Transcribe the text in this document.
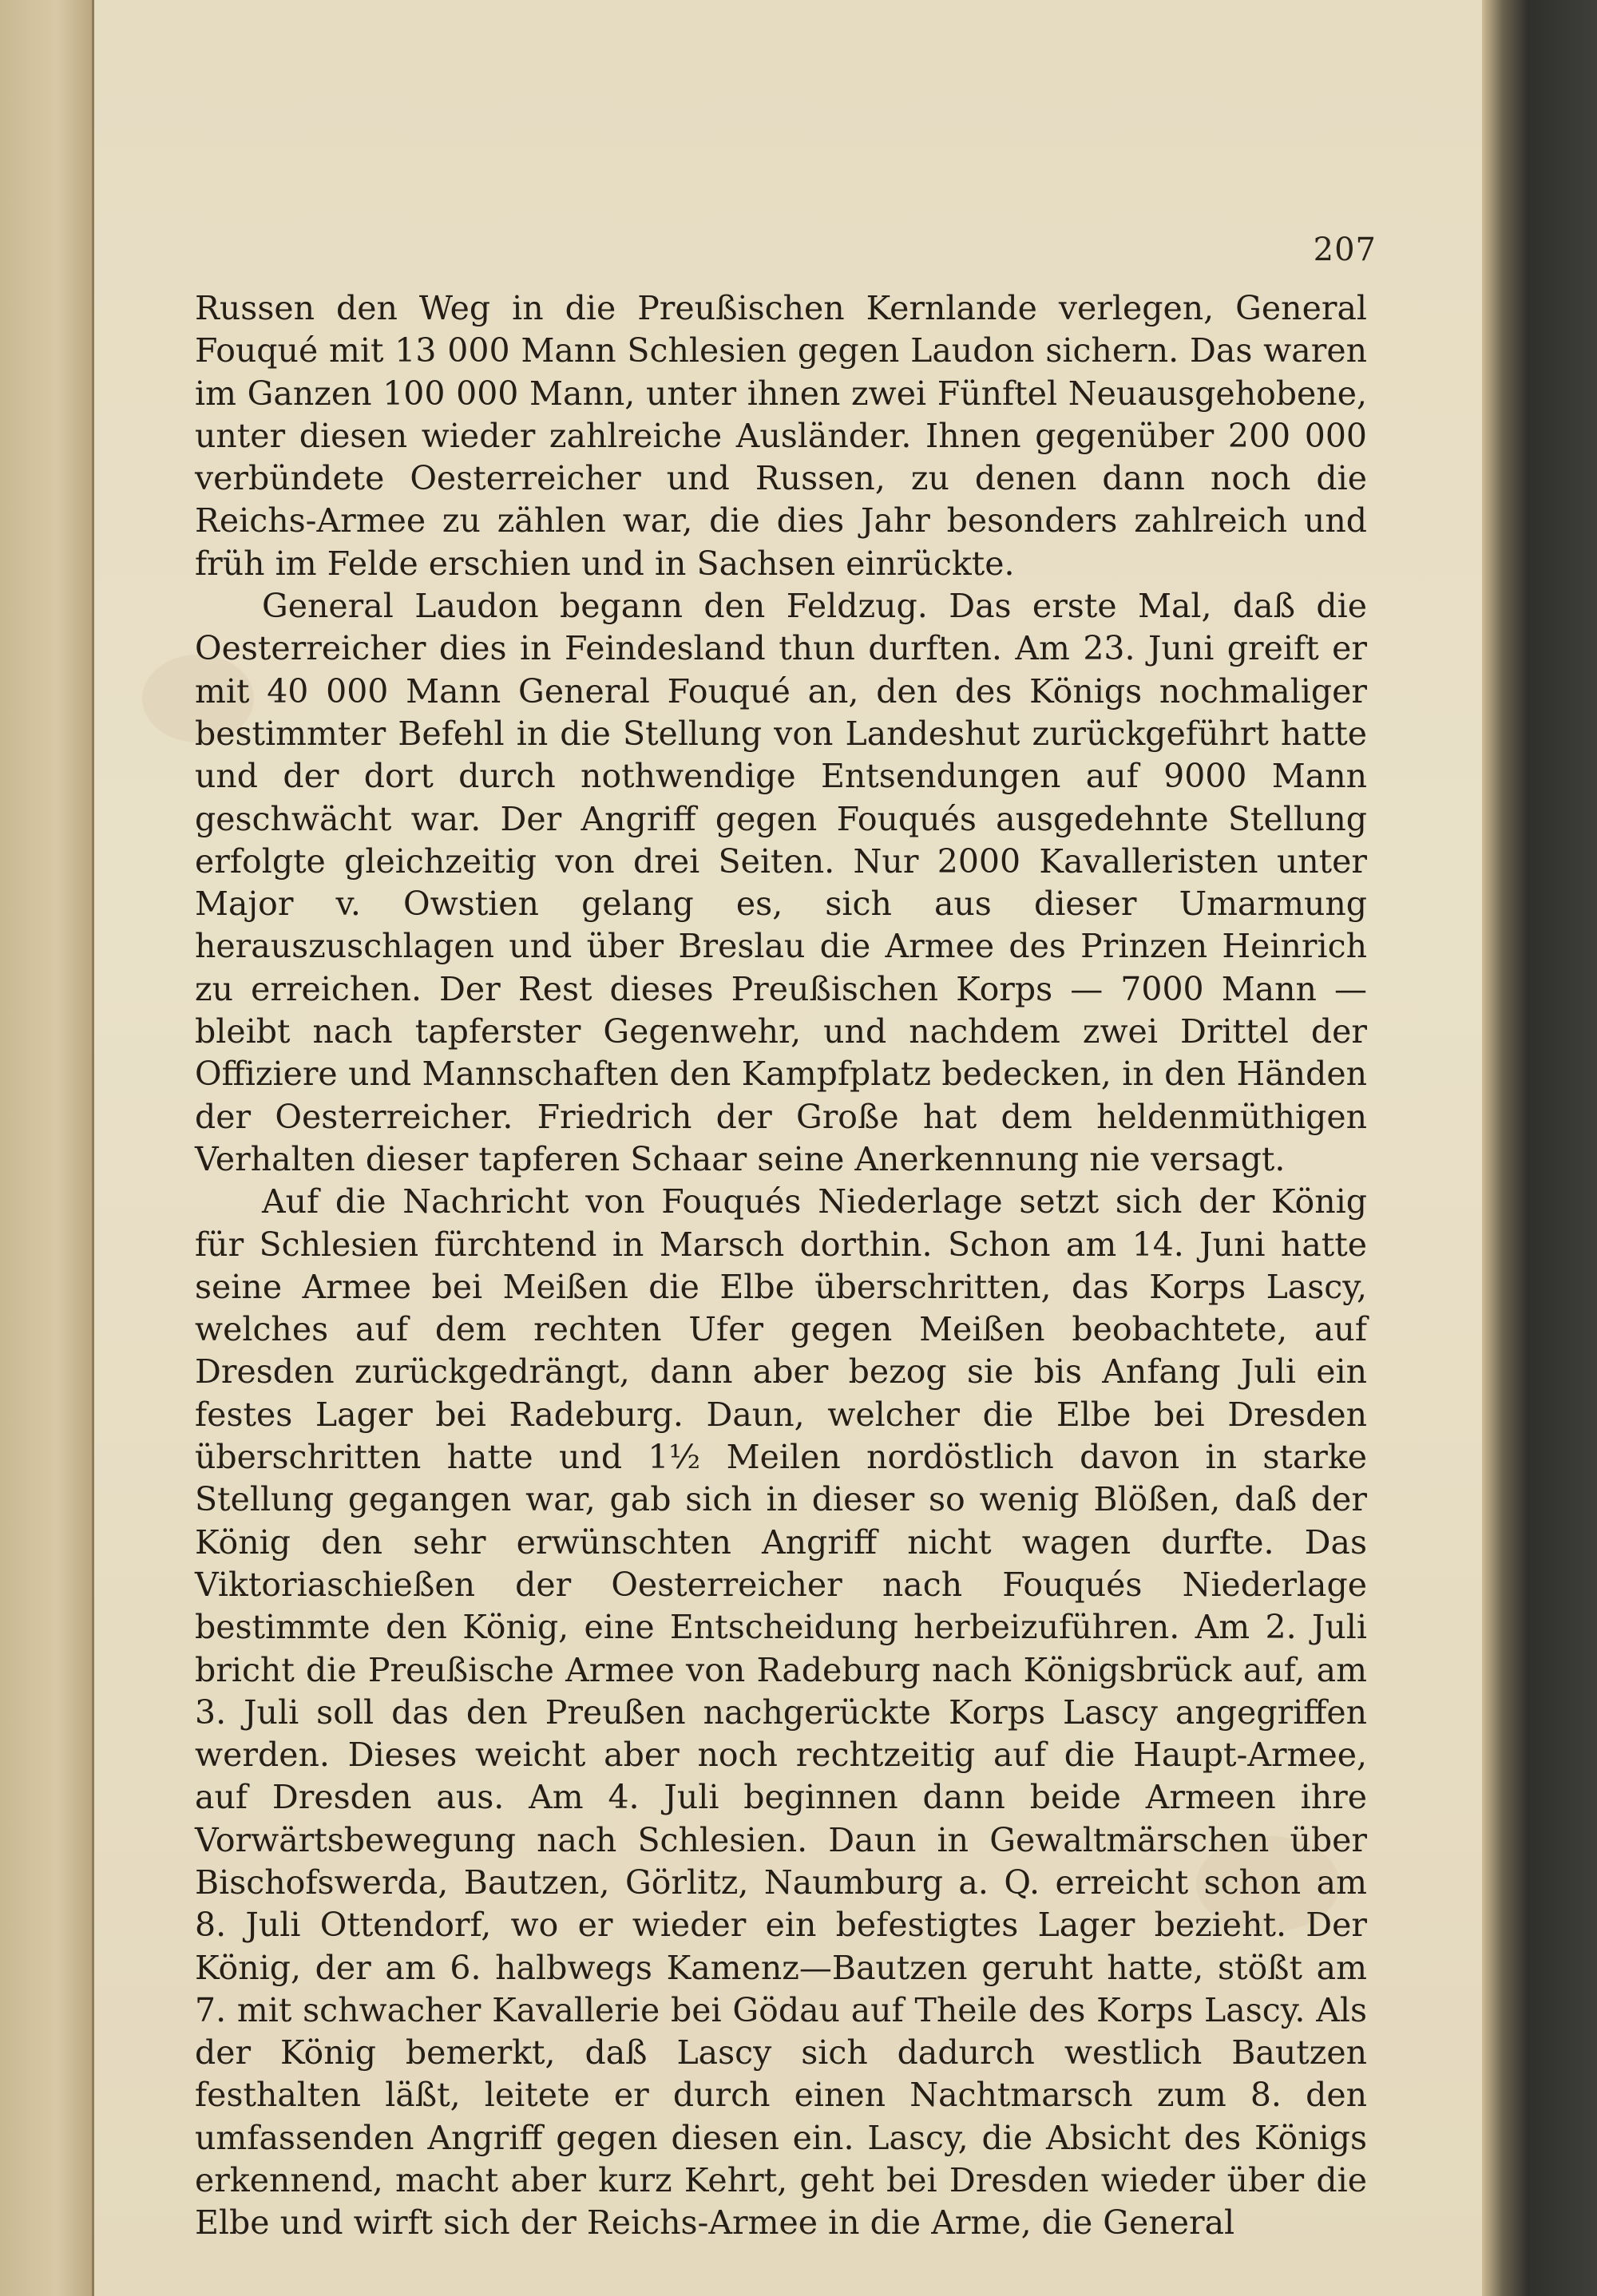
207

Russen den Weg in die Preußischen Kernlande verlegen, General Fouqué mit 13 000 Mann Schlesien gegen Laudon sichern. Das waren im Ganzen 100 000 Mann, unter ihnen zwei Fünftel Neuausgehobene, unter diesen wieder zahlreiche Ausländer. Ihnen gegenüber 200 000 verbündete Oesterreicher und Russen, zu denen dann noch die Reichs-Armee zu zählen war, die dies Jahr besonders zahlreich und früh im Felde erschien und in Sachsen einrückte.

General Laudon begann den Feldzug. Das erste Mal, daß die Oesterreicher dies in Feindesland thun durften. Am 23. Juni greift er mit 40 000 Mann General Fouqué an, den des Königs nochmaliger bestimmter Befehl in die Stellung von Landeshut zurückgeführt hatte und der dort durch nothwendige Entsendungen auf 9000 Mann geschwächt war. Der Angriff gegen Fouqués ausgedehnte Stellung erfolgte gleichzeitig von drei Seiten. Nur 2000 Kavalleristen unter Major v. Owstien gelang es, sich aus dieser Umarmung herauszuschlagen und über Breslau die Armee des Prinzen Heinrich zu erreichen. Der Rest dieses Preußischen Korps — 7000 Mann — bleibt nach tapferster Gegenwehr, und nachdem zwei Drittel der Offiziere und Mannschaften den Kampfplatz bedecken, in den Händen der Oesterreicher. Friedrich der Große hat dem heldenmüthigen Verhalten dieser tapferen Schaar seine Anerkennung nie versagt.

Auf die Nachricht von Fouqués Niederlage setzt sich der König für Schlesien fürchtend in Marsch dorthin. Schon am 14. Juni hatte seine Armee bei Meißen die Elbe überschritten, das Korps Lascy, welches auf dem rechten Ufer gegen Meißen beobachtete, auf Dresden zurückgedrängt, dann aber bezog sie bis Anfang Juli ein festes Lager bei Radeburg. Daun, welcher die Elbe bei Dresden überschritten hatte und 1½ Meilen nordöstlich davon in starke Stellung gegangen war, gab sich in dieser so wenig Blößen, daß der König den sehr erwünschten Angriff nicht wagen durfte. Das Viktoriaschießen der Oesterreicher nach Fouqués Niederlage bestimmte den König, eine Entscheidung herbeizuführen. Am 2. Juli bricht die Preußische Armee von Radeburg nach Königsbrück auf, am 3. Juli soll das den Preußen nachgerückte Korps Lascy angegriffen werden. Dieses weicht aber noch rechtzeitig auf die Haupt-Armee, auf Dresden aus. Am 4. Juli beginnen dann beide Armeen ihre Vorwärtsbewegung nach Schlesien. Daun in Gewaltmärschen über Bischofswerda, Bautzen, Görlitz, Naumburg a. Q. erreicht schon am 8. Juli Ottendorf, wo er wieder ein befestigtes Lager bezieht. Der König, der am 6. halbwegs Kamenz—Bautzen geruht hatte, stößt am 7. mit schwacher Kavallerie bei Gödau auf Theile des Korps Lascy. Als der König bemerkt, daß Lascy sich dadurch westlich Bautzen festhalten läßt, leitete er durch einen Nachtmarsch zum 8. den umfassenden Angriff gegen diesen ein. Lascy, die Absicht des Königs erkennend, macht aber kurz Kehrt, geht bei Dresden wieder über die Elbe und wirft sich der Reichs-Armee in die Arme, die General
